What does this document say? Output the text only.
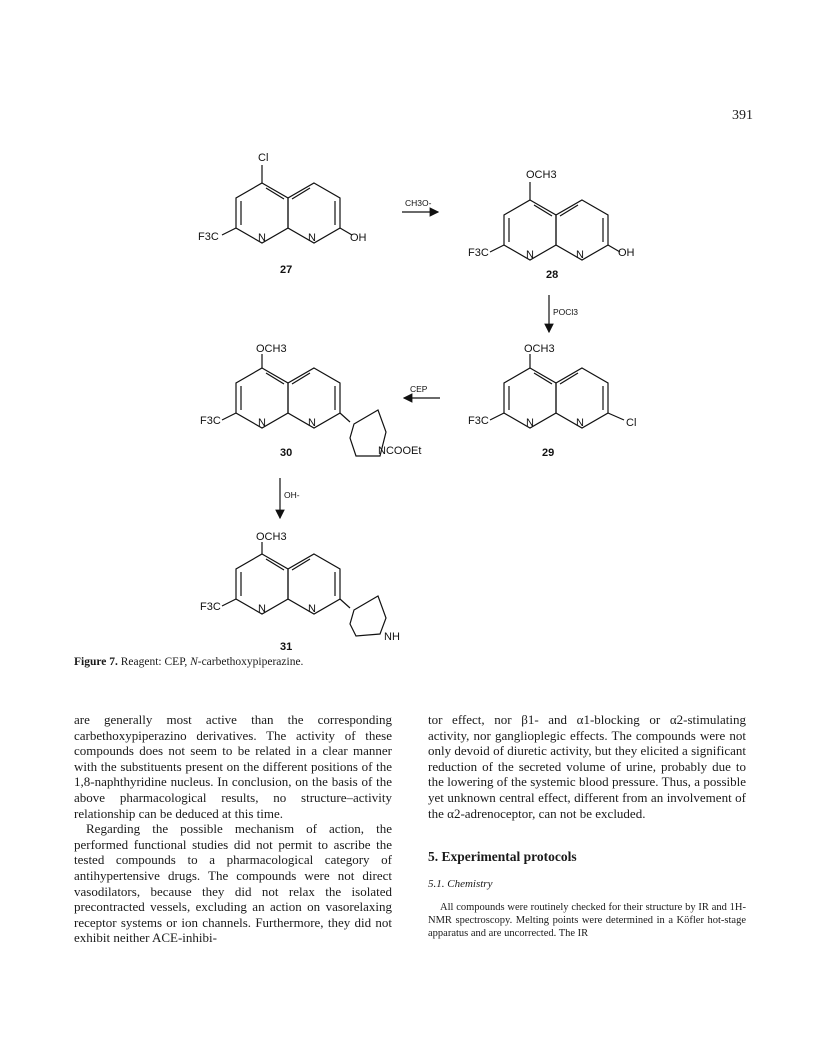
391
Cl
F3C	OH
N	N
27
CH3O-
OCH3
F3C	OH
N	N
28
POCl3
OCH3
F3C	Cl
N	N
29
CEP
OCH3
F3C	N	N
NCOOEt
30
OH-
OCH3
F3C	N	N
NH
31
Figure 7. Reagent: CEP, N-carbethoxypiperazine.

are generally most active than the corresponding carbethoxypiperazino derivatives. The activity of these compounds does not seem to be related in a clear manner with the substituents present on the different positions of the 1,8-naphthyridine nucleus. In conclusion, on the basis of the above pharmacological results, no structure–activity relationship can be deduced at this time.

Regarding the possible mechanism of action, the performed functional studies did not permit to ascribe the tested compounds to a pharmacological category of antihypertensive drugs. The compounds were not direct vasodilators, because they did not relax the isolated precontracted vessels, excluding an action on vasorelaxing receptor systems or ion channels. Furthermore, they did not exhibit neither ACE-inhibi-

tor effect, nor β1- and α1-blocking or α2-stimulating activity, nor ganglioplegic effects. The compounds were not only devoid of diuretic activity, but they elicited a significant reduction of the secreted volume of urine, probably due to the lowering of the systemic blood pressure. Thus, a possible yet unknown central effect, different from an involvement of the α2-adrenoceptor, can not be excluded.

5. Experimental protocols

5.1. Chemistry

All compounds were routinely checked for their structure by IR and 1H-NMR spectroscopy. Melting points were determined in a Köfler hot-stage apparatus and are uncorrected. The IR
